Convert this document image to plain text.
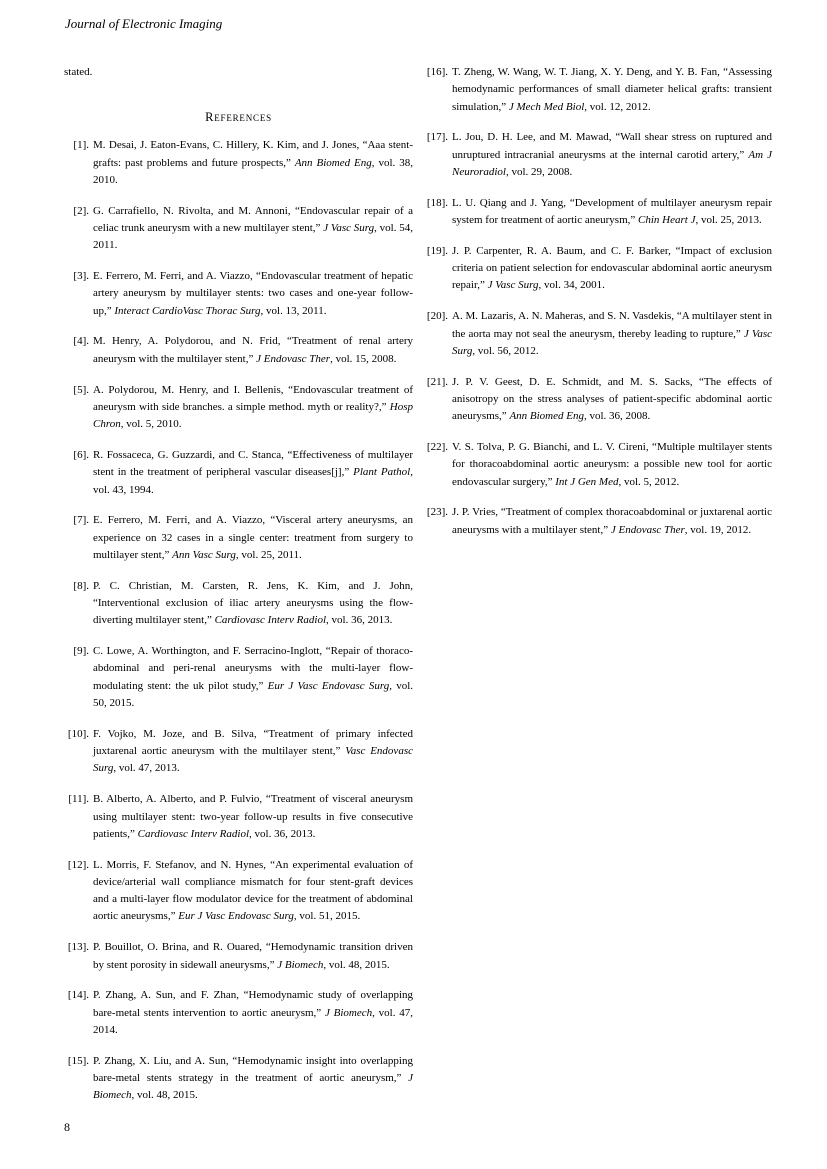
Journal of Electronic Imaging

stated.

References
[1]. M. Desai, J. Eaton-Evans, C. Hillery, K. Kim, and J. Jones, “Aaa stent-grafts: past problems and future prospects,” Ann Biomed Eng, vol. 38, 2010.
[2]. G. Carrafiello, N. Rivolta, and M. Annoni, “Endovascular repair of a celiac trunk aneurysm with a new multilayer stent,” J Vasc Surg, vol. 54, 2011.
[3]. E. Ferrero, M. Ferri, and A. Viazzo, “Endovascular treatment of hepatic artery aneurysm by multilayer stents: two cases and one-year follow-up,” Interact CardioVasc Thorac Surg, vol. 13, 2011.
[4]. M. Henry, A. Polydorou, and N. Frid, “Treatment of renal artery aneurysm with the multilayer stent,” J Endovasc Ther, vol. 15, 2008.
[5]. A. Polydorou, M. Henry, and I. Bellenis, “Endovascular treatment of aneurysm with side branches. a simple method. myth or reality?,” Hosp Chron, vol. 5, 2010.
[6]. R. Fossaceca, G. Guzzardi, and C. Stanca, “Effectiveness of multilayer stent in the treatment of peripheral vascular diseases[j],” Plant Pathol, vol. 43, 1994.
[7]. E. Ferrero, M. Ferri, and A. Viazzo, “Visceral artery aneurysms, an experience on 32 cases in a single center: treatment from surgery to multilayer stent,” Ann Vasc Surg, vol. 25, 2011.
[8]. P. C. Christian, M. Carsten, R. Jens, K. Kim, and J. John, “Interventional exclusion of iliac artery aneurysms using the flow-diverting multilayer stent,” Cardiovasc Interv Radiol, vol. 36, 2013.
[9]. C. Lowe, A. Worthington, and F. Serracino-Inglott, “Repair of thoraco-abdominal and peri-renal aneurysms with the multi-layer flow-modulating stent: the uk pilot study,” Eur J Vasc Endovasc Surg, vol. 50, 2015.
[10]. F. Vojko, M. Joze, and B. Silva, “Treatment of primary infected juxtarenal aortic aneurysm with the multilayer stent,” Vasc Endovasc Surg, vol. 47, 2013.
[11]. B. Alberto, A. Alberto, and P. Fulvio, “Treatment of visceral aneurysm using multilayer stent: two-year follow-up results in five consecutive patients,” Cardiovasc Interv Radiol, vol. 36, 2013.
[12]. L. Morris, F. Stefanov, and N. Hynes, “An experimental evaluation of device/arterial wall compliance mismatch for four stent-graft devices and a multi-layer flow modulator device for the treatment of abdominal aortic aneurysms,” Eur J Vasc Endovasc Surg, vol. 51, 2015.
[13]. P. Bouillot, O. Brina, and R. Ouared, “Hemodynamic transition driven by stent porosity in sidewall aneurysms,” J Biomech, vol. 48, 2015.
[14]. P. Zhang, A. Sun, and F. Zhan, “Hemodynamic study of overlapping bare-metal stents intervention to aortic aneurysm,” J Biomech, vol. 47, 2014.
[15]. P. Zhang, X. Liu, and A. Sun, “Hemodynamic insight into overlapping bare-metal stents strategy in the treatment of aortic aneurysm,” J Biomech, vol. 48, 2015.
[16]. T. Zheng, W. Wang, W. T. Jiang, X. Y. Deng, and Y. B. Fan, “Assessing hemodynamic performances of small diameter helical grafts: transient simulation,” J Mech Med Biol, vol. 12, 2012.
[17]. L. Jou, D. H. Lee, and M. Mawad, “Wall shear stress on ruptured and unruptured intracranial aneurysms at the internal carotid artery,” Am J Neuroradiol, vol. 29, 2008.
[18]. L. U. Qiang and J. Yang, “Development of multilayer aneurysm repair system for treatment of aortic aneurysm,” Chin Heart J, vol. 25, 2013.
[19]. J. P. Carpenter, R. A. Baum, and C. F. Barker, “Impact of exclusion criteria on patient selection for endovascular abdominal aortic aneurysm repair,” J Vasc Surg, vol. 34, 2001.
[20]. A. M. Lazaris, A. N. Maheras, and S. N. Vasdekis, “A multilayer stent in the aorta may not seal the aneurysm, thereby leading to rupture,” J Vasc Surg, vol. 56, 2012.
[21]. J. P. V. Geest, D. E. Schmidt, and M. S. Sacks, “The effects of anisotropy on the stress analyses of patient-specific abdominal aortic aneurysms,” Ann Biomed Eng, vol. 36, 2008.
[22]. V. S. Tolva, P. G. Bianchi, and L. V. Cireni, “Multiple multilayer stents for thoracoabdominal aortic aneurysm: a possible new tool for aortic endovascular surgery,” Int J Gen Med, vol. 5, 2012.
[23]. J. P. Vries, “Treatment of complex thoracoabdominal or juxtarenal aortic aneurysms with a multilayer stent,” J Endovasc Ther, vol. 19, 2012.
8
